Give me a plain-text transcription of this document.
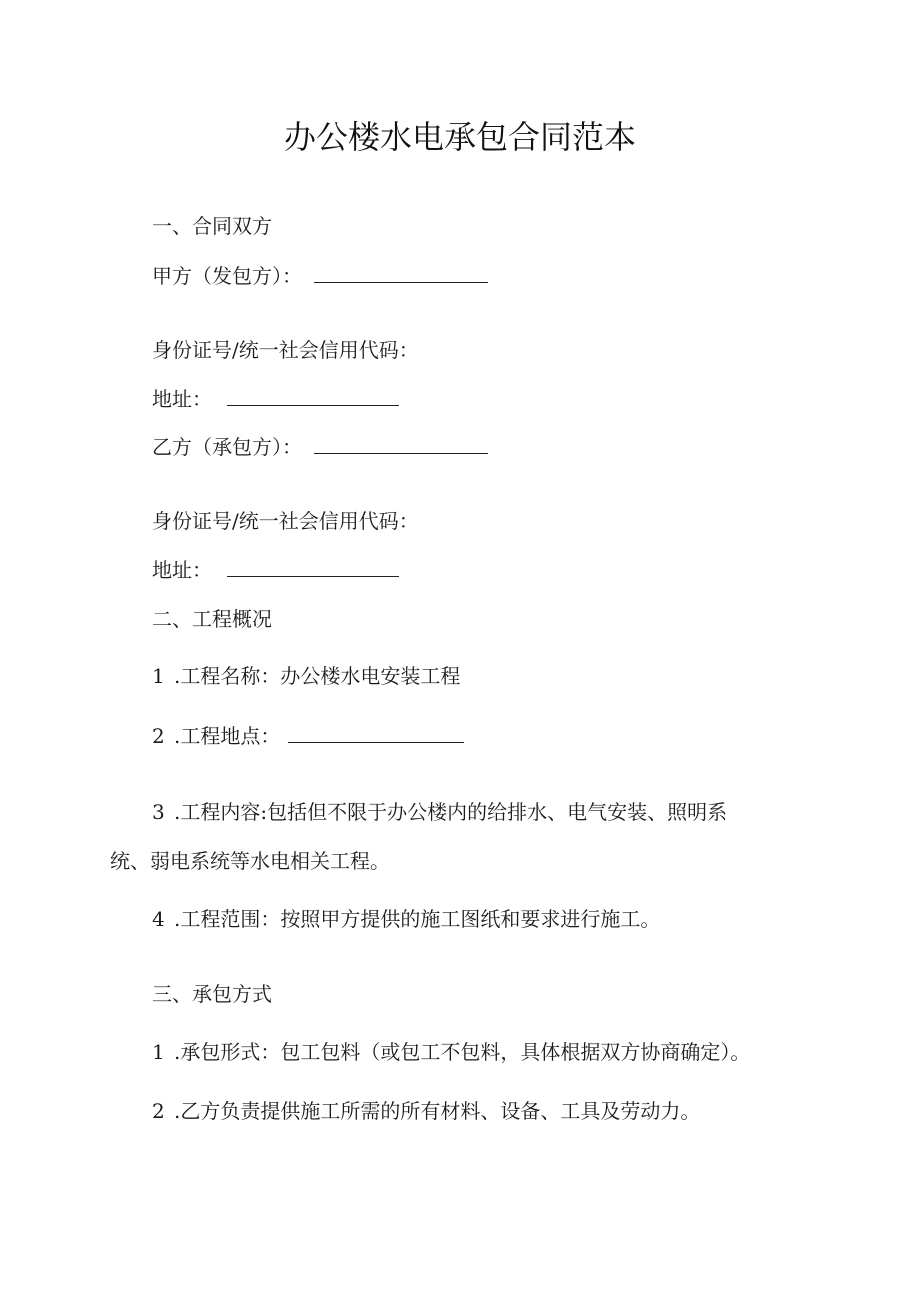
办公楼水电承包合同范本
一、合同双方
甲方（发包方）：
身份证号/统一社会信用代码：
地址：
乙方（承包方）：
身份证号/统一社会信用代码：
地址：
二、工程概况
1 .工程名称：办公楼水电安装工程
2 .工程地点：
3 .工程内容:包括但不限于办公楼内的给排水、电气安装、照明系
统、弱电系统等水电相关工程。
4 .工程范围：按照甲方提供的施工图纸和要求进行施工。
三、承包方式
1 .承包形式：包工包料（或包工不包料，具体根据双方协商确定）。
2 .乙方负责提供施工所需的所有材料、设备、工具及劳动力。
